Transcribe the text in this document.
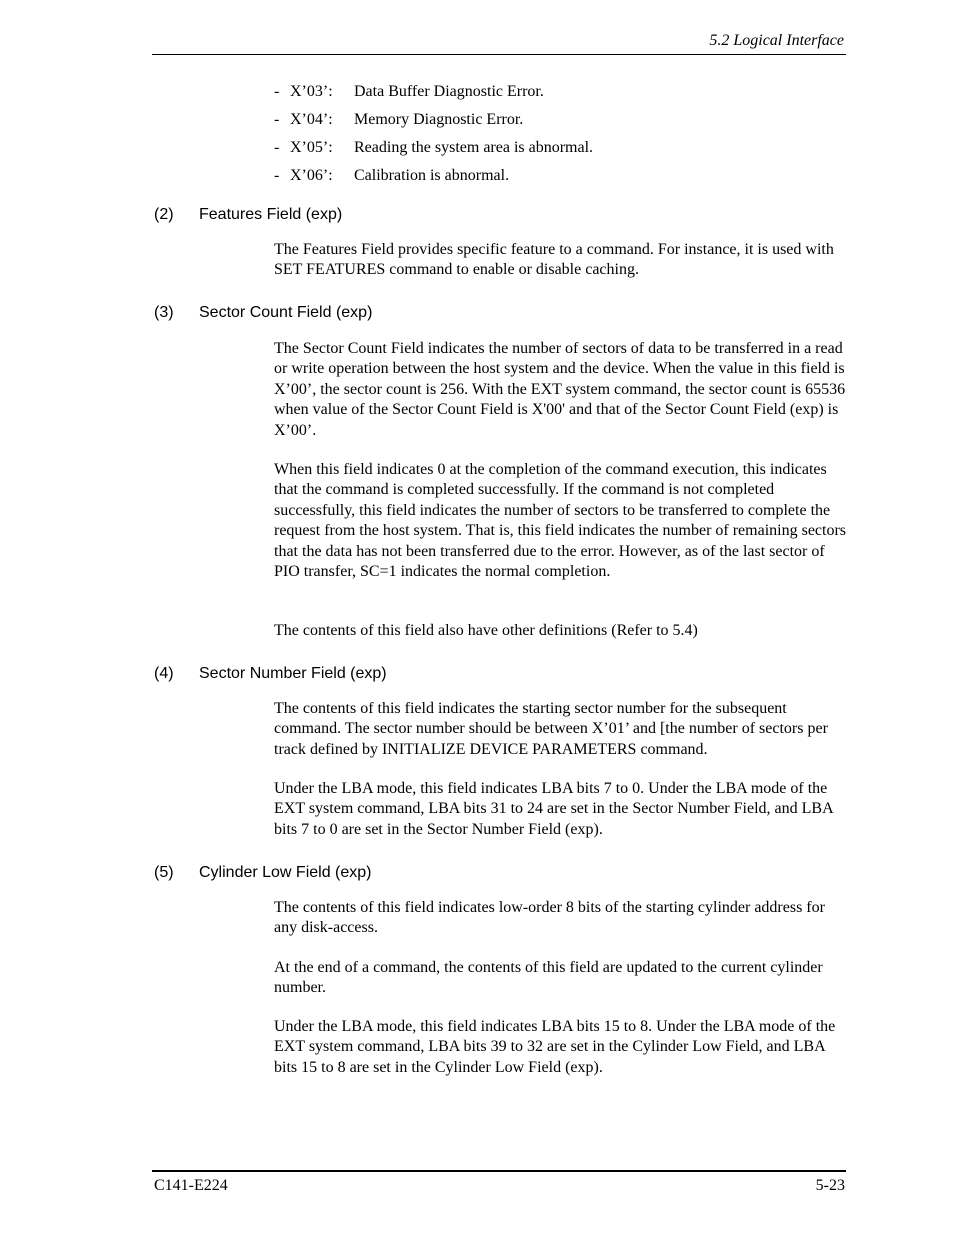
5.2 Logical Interface
- X’03’: Data Buffer Diagnostic Error.
- X’04’: Memory Diagnostic Error.
- X’05’: Reading the system area is abnormal.
- X’06’: Calibration is abnormal.
(2) Features Field (exp)

The Features Field provides specific feature to a command. For instance, it is used with SET FEATURES command to enable or disable caching.

(3) Sector Count Field (exp)

The Sector Count Field indicates the number of sectors of data to be transferred in a read or write operation between the host system and the device. When the value in this field is X’00’, the sector count is 256. With the EXT system command, the sector count is 65536 when value of the Sector Count Field is X'00' and that of the Sector Count Field (exp) is X’00’.

When this field indicates 0 at the completion of the command execution, this indicates that the command is completed successfully. If the command is not completed successfully, this field indicates the number of sectors to be transferred to complete the request from the host system. That is, this field indicates the number of remaining sectors that the data has not been transferred due to the error. However, as of the last sector of PIO transfer, SC=1 indicates the normal completion.

The contents of this field also have other definitions (Refer to 5.4)

(4) Sector Number Field (exp)

The contents of this field indicates the starting sector number for the subsequent command. The sector number should be between X’01’ and [the number of sectors per track defined by INITIALIZE DEVICE PARAMETERS command.

Under the LBA mode, this field indicates LBA bits 7 to 0. Under the LBA mode of the EXT system command, LBA bits 31 to 24 are set in the Sector Number Field, and LBA bits 7 to 0 are set in the Sector Number Field (exp).

(5) Cylinder Low Field (exp)

The contents of this field indicates low-order 8 bits of the starting cylinder address for any disk-access.

At the end of a command, the contents of this field are updated to the current cylinder number.

Under the LBA mode, this field indicates LBA bits 15 to 8. Under the LBA mode of the EXT system command, LBA bits 39 to 32 are set in the Cylinder Low Field, and LBA bits 15 to 8 are set in the Cylinder Low Field (exp).

C141-E224	5-23
